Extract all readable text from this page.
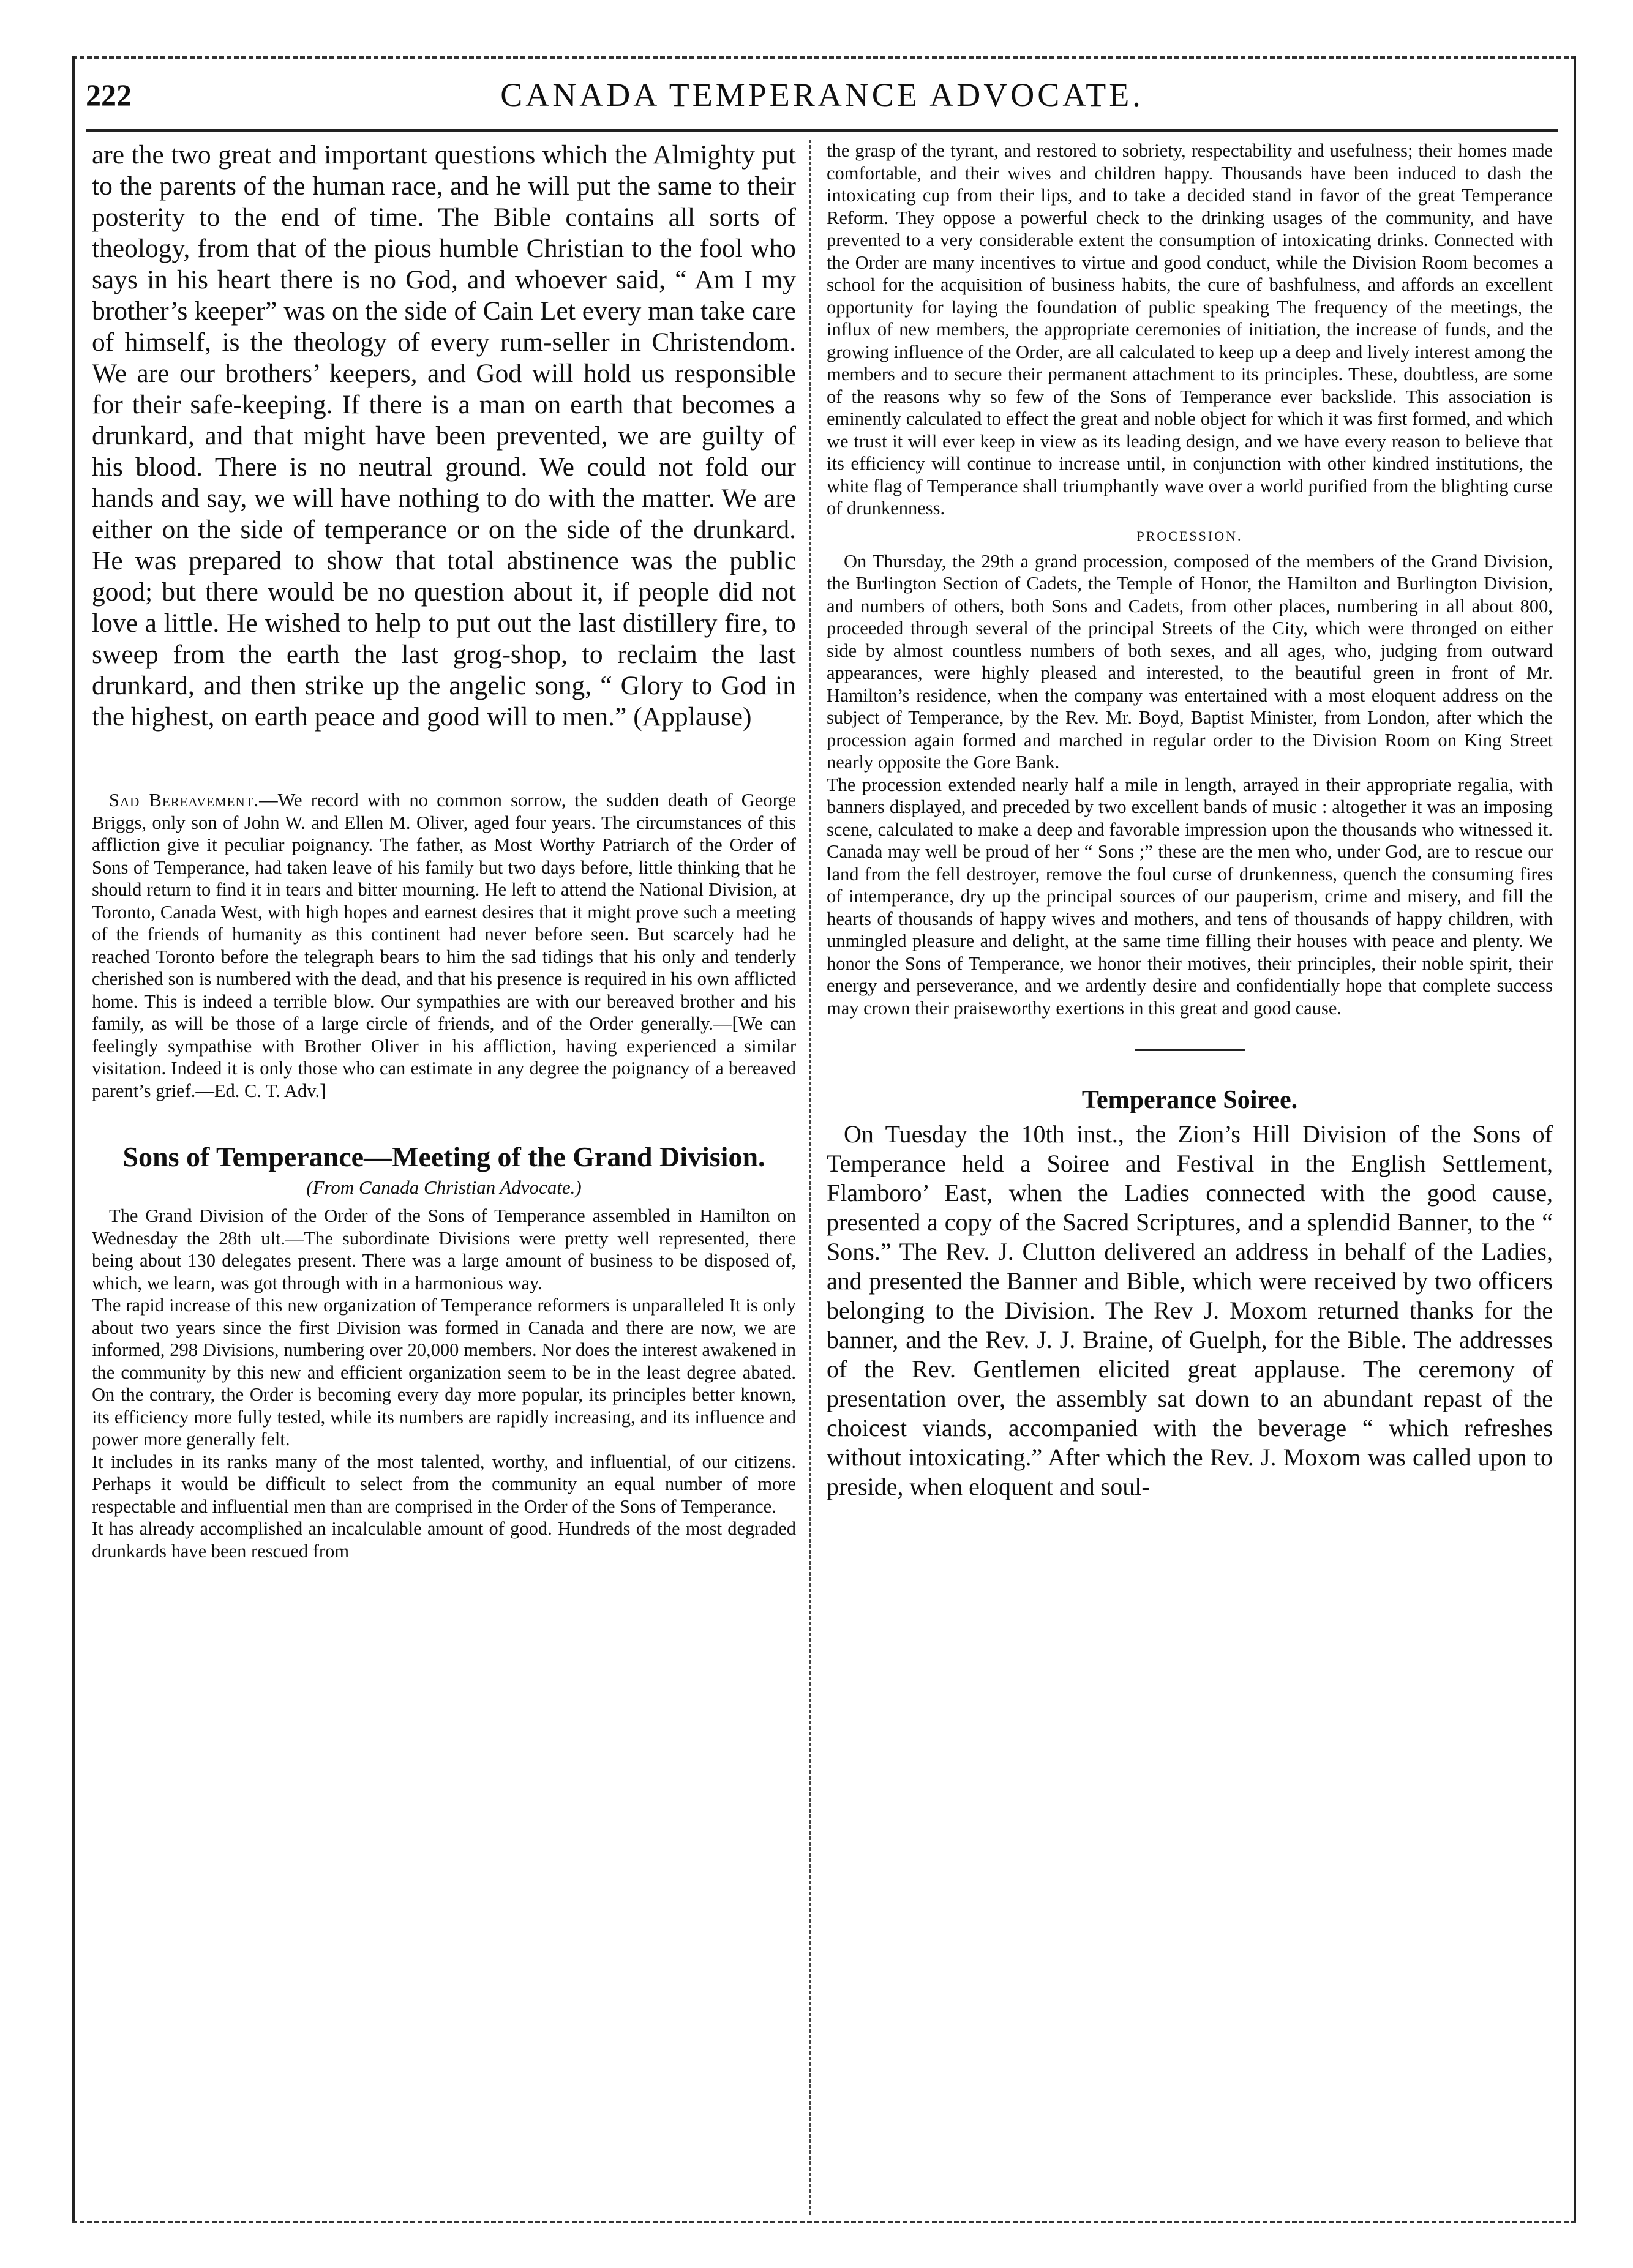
222	CANADA TEMPERANCE ADVOCATE.

are the two great and important questions which the Almighty put to the parents of the human race, and he will put the same to their posterity to the end of time. The Bible contains all sorts of theology, from that of the pious humble Christian to the fool who says in his heart there is no God, and whoever said, “ Am I my brother’s keeper” was on the side of Cain Let every man take care of himself, is the theology of every rum-seller in Christendom. We are our brothers’ keepers, and God will hold us responsible for their safe-keeping. If there is a man on earth that becomes a drunkard, and that might have been prevented, we are guilty of his blood. There is no neutral ground. We could not fold our hands and say, we will have nothing to do with the matter. We are either on the side of temperance or on the side of the drunkard. He was prepared to show that total abstinence was the public good; but there would be no question about it, if people did not love a little. He wished to help to put out the last distillery fire, to sweep from the earth the last grog-shop, to reclaim the last drunkard, and then strike up the angelic song, “ Glory to God in the highest, on earth peace and good will to men.” (Applause)

Sad Bereavement.—We record with no common sorrow, the sudden death of George Briggs, only son of John W. and Ellen M. Oliver, aged four years. The circumstances of this affliction give it peculiar poignancy. The father, as Most Worthy Patriarch of the Order of Sons of Temperance, had taken leave of his family but two days before, little thinking that he should return to find it in tears and bitter mourning. He left to attend the National Division, at Toronto, Canada West, with high hopes and earnest desires that it might prove such a meeting of the friends of humanity as this continent had never before seen. But scarcely had he reached Toronto before the telegraph bears to him the sad tidings that his only and tenderly cherished son is numbered with the dead, and that his presence is required in his own afflicted home. This is indeed a terrible blow. Our sympathies are with our bereaved brother and his family, as will be those of a large circle of friends, and of the Order generally.—[We can feelingly sympathise with Brother Oliver in his affliction, having experienced a similar visitation. Indeed it is only those who can estimate in any degree the poignancy of a bereaved parent’s grief.—Ed. C. T. Adv.]

Sons of Temperance—Meeting of the Grand Division.
(From Canada Christian Advocate.)

The Grand Division of the Order of the Sons of Temperance assembled in Hamilton on Wednesday the 28th ult.—The subordinate Divisions were pretty well represented, there being about 130 delegates present. There was a large amount of business to be disposed of, which, we learn, was got through with in a harmonious way.

The rapid increase of this new organization of Temperance reformers is unparalleled It is only about two years since the first Division was formed in Canada and there are now, we are informed, 298 Divisions, numbering over 20,000 members. Nor does the interest awakened in the community by this new and efficient organization seem to be in the least degree abated. On the contrary, the Order is becoming every day more popular, its principles better known, its efficiency more fully tested, while its numbers are rapidly increasing, and its influence and power more generally felt.

It includes in its ranks many of the most talented, worthy, and influential, of our citizens. Perhaps it would be difficult to select from the community an equal number of more respectable and influential men than are comprised in the Order of the Sons of Temperance.

It has already accomplished an incalculable amount of good. Hundreds of the most degraded drunkards have been rescued from

the grasp of the tyrant, and restored to sobriety, respectability and usefulness; their homes made comfortable, and their wives and children happy. Thousands have been induced to dash the intoxicating cup from their lips, and to take a decided stand in favor of the great Temperance Reform. They oppose a powerful check to the drinking usages of the community, and have prevented to a very considerable extent the consumption of intoxicating drinks. Connected with the Order are many incentives to virtue and good conduct, while the Division Room becomes a school for the acquisition of business habits, the cure of bashfulness, and affords an excellent opportunity for laying the foundation of public speaking The frequency of the meetings, the influx of new members, the appropriate ceremonies of initiation, the increase of funds, and the growing influence of the Order, are all calculated to keep up a deep and lively interest among the members and to secure their permanent attachment to its principles. These, doubtless, are some of the reasons why so few of the Sons of Temperance ever backslide. This association is eminently calculated to effect the great and noble object for which it was first formed, and which we trust it will ever keep in view as its leading design, and we have every reason to believe that its efficiency will continue to increase until, in conjunction with other kindred institutions, the white flag of Temperance shall triumphantly wave over a world purified from the blighting curse of drunkenness.

PROCESSION.

On Thursday, the 29th a grand procession, composed of the members of the Grand Division, the Burlington Section of Cadets, the Temple of Honor, the Hamilton and Burlington Division, and numbers of others, both Sons and Cadets, from other places, numbering in all about 800, proceeded through several of the principal Streets of the City, which were thronged on either side by almost countless numbers of both sexes, and all ages, who, judging from outward appearances, were highly pleased and interested, to the beautiful green in front of Mr. Hamilton’s residence, when the company was entertained with a most eloquent address on the subject of Temperance, by the Rev. Mr. Boyd, Baptist Minister, from London, after which the procession again formed and marched in regular order to the Division Room on King Street nearly opposite the Gore Bank.

The procession extended nearly half a mile in length, arrayed in their appropriate regalia, with banners displayed, and preceded by two excellent bands of music : altogether it was an imposing scene, calculated to make a deep and favorable impression upon the thousands who witnessed it. Canada may well be proud of her “ Sons ;” these are the men who, under God, are to rescue our land from the fell destroyer, remove the foul curse of drunkenness, quench the consuming fires of intemperance, dry up the principal sources of our pauperism, crime and misery, and fill the hearts of thousands of happy wives and mothers, and tens of thousands of happy children, with unmingled pleasure and delight, at the same time filling their houses with peace and plenty. We honor the Sons of Temperance, we honor their motives, their principles, their noble spirit, their energy and perseverance, and we ardently desire and confidentially hope that complete success may crown their praiseworthy exertions in this great and good cause.

Temperance Soiree.

On Tuesday the 10th inst., the Zion’s Hill Division of the Sons of Temperance held a Soiree and Festival in the English Settlement, Flamboro’ East, when the Ladies connected with the good cause, presented a copy of the Sacred Scriptures, and a splendid Banner, to the “ Sons.” The Rev. J. Clutton delivered an address in behalf of the Ladies, and presented the Banner and Bible, which were received by two officers belonging to the Division. The Rev J. Moxom returned thanks for the banner, and the Rev. J. J. Braine, of Guelph, for the Bible. The addresses of the Rev. Gentlemen elicited great applause. The ceremony of presentation over, the assembly sat down to an abundant repast of the choicest viands, accompanied with the beverage “ which refreshes without intoxicating.” After which the Rev. J. Moxom was called upon to preside, when eloquent and soul-
